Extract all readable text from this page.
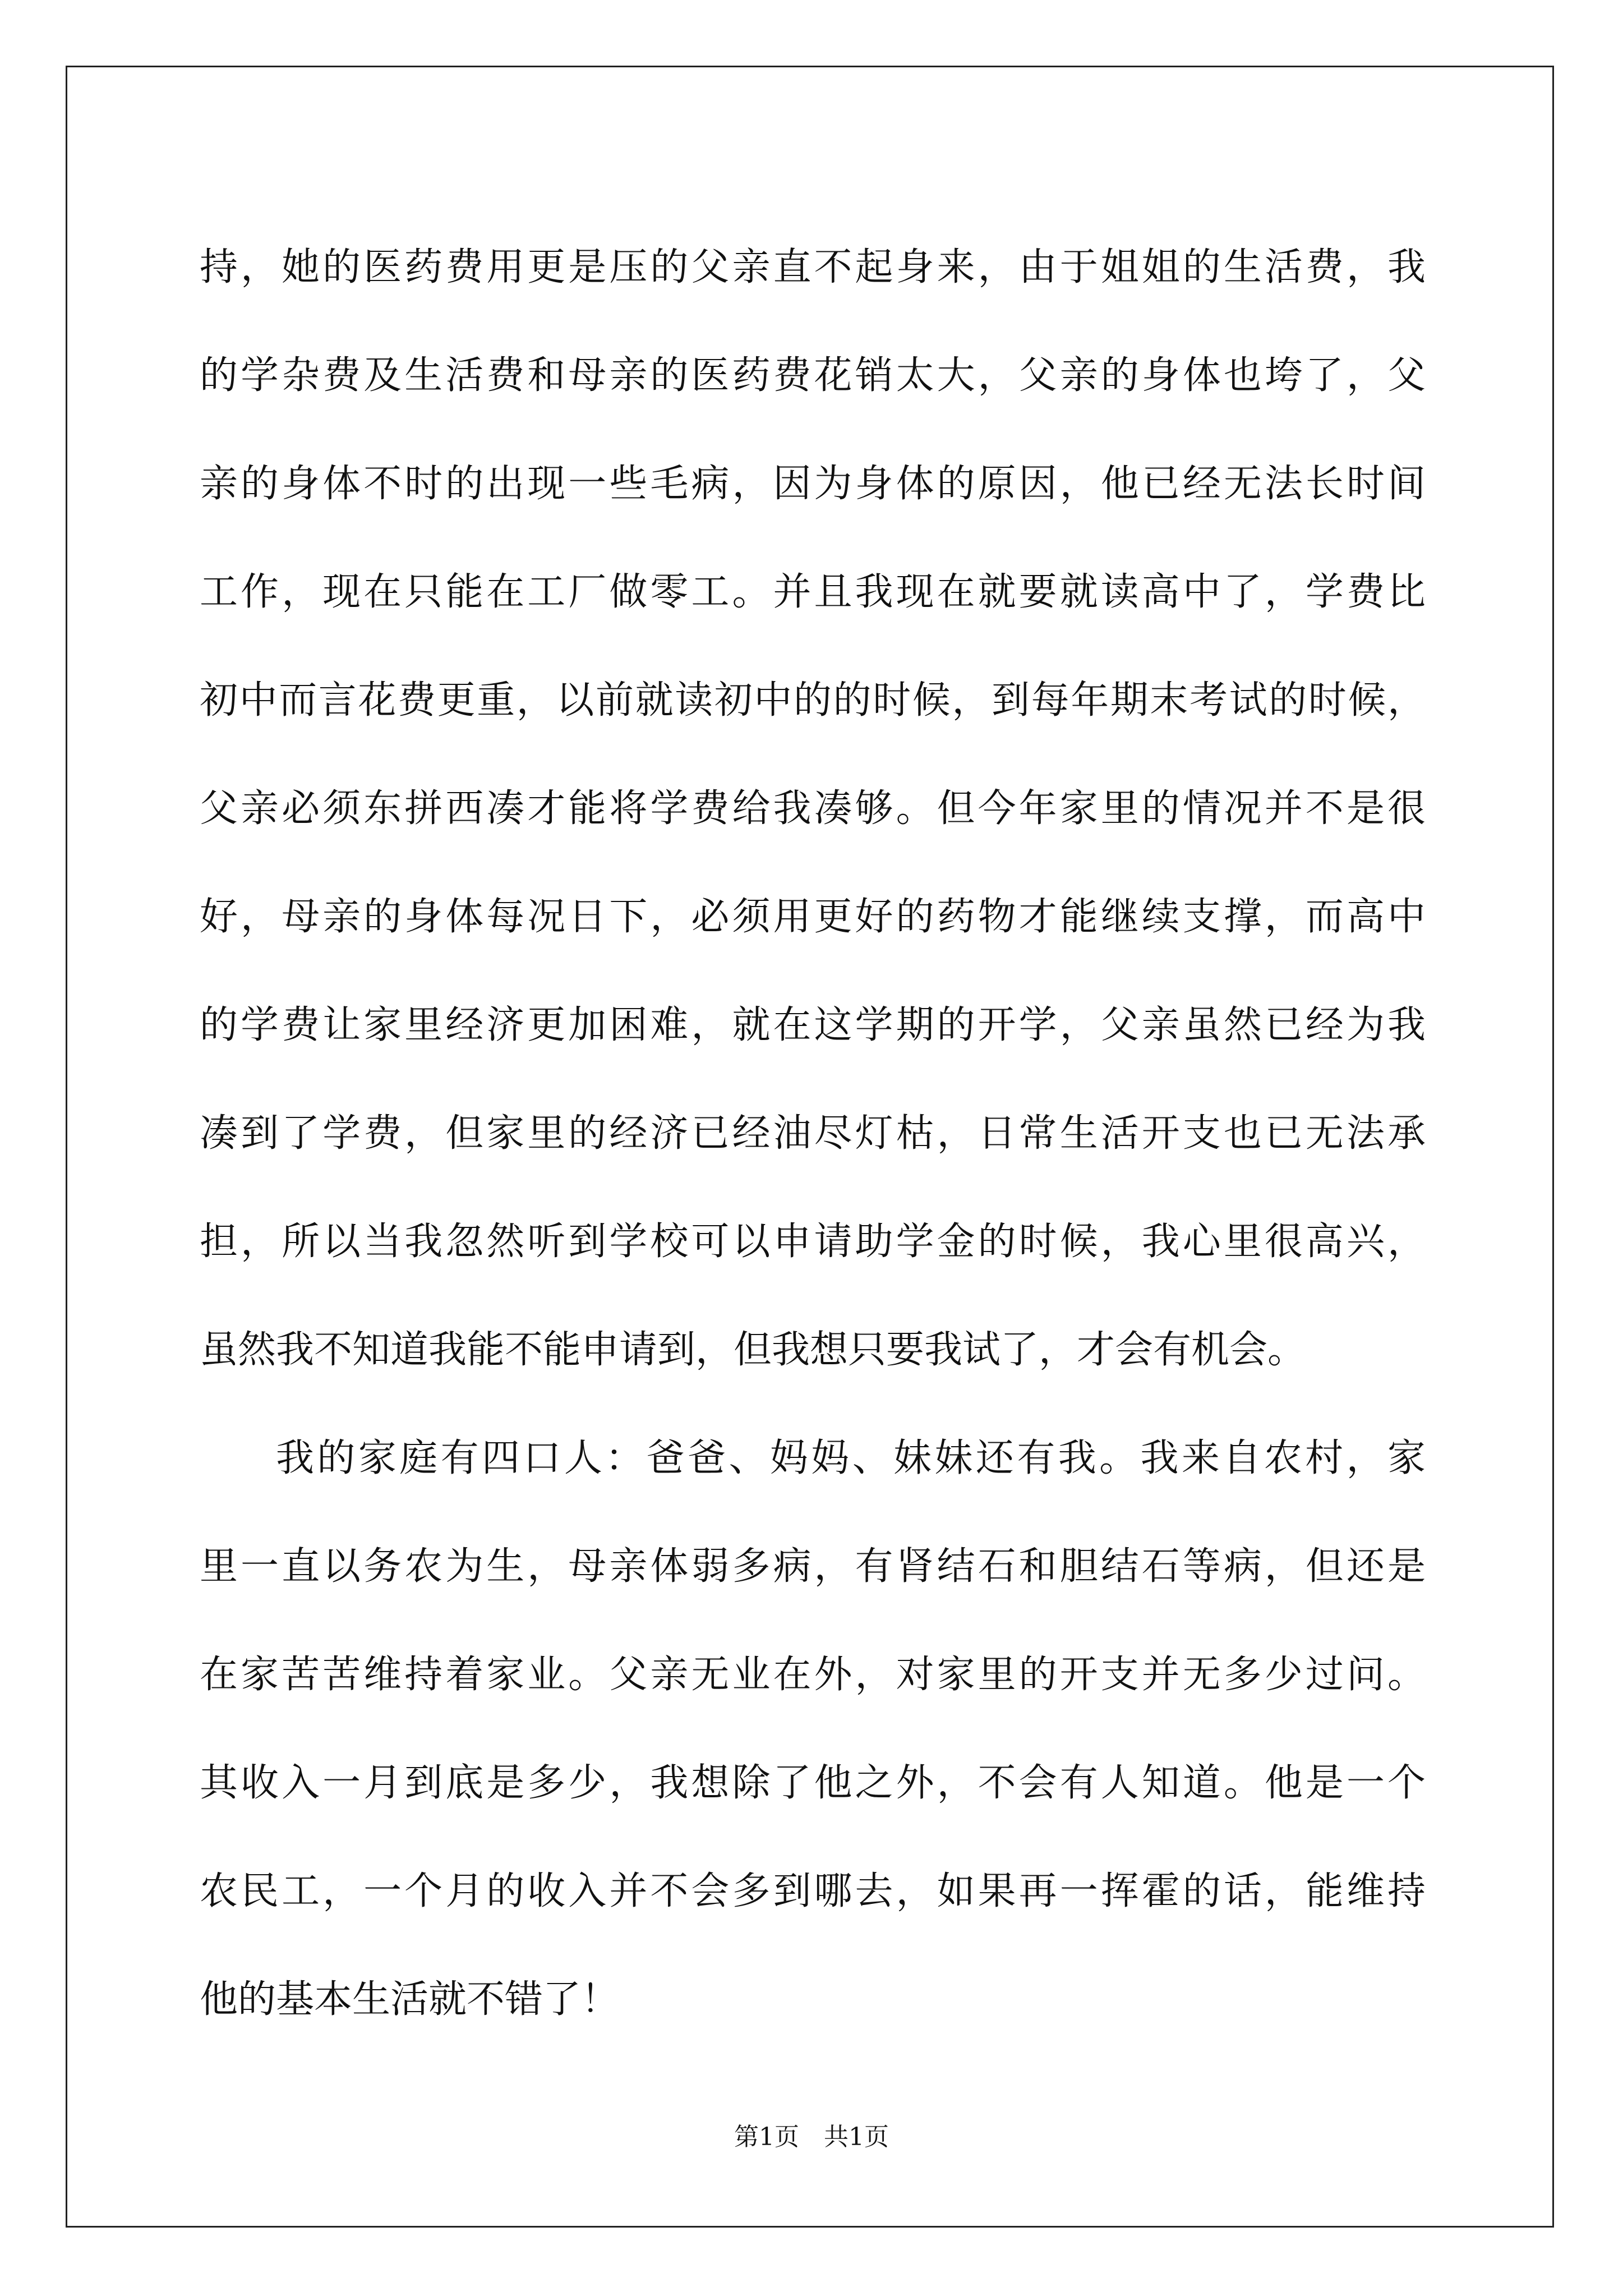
持，她的医药费用更是压的父亲直不起身来，由于姐姐的生活费，我
的学杂费及生活费和母亲的医药费花销太大，父亲的身体也垮了，父
亲的身体不时的出现一些毛病，因为身体的原因，他已经无法长时间
工作，现在只能在工厂做零工。并且我现在就要就读高中了，学费比
初中而言花费更重，以前就读初中的的时候，到每年期末考试的时候，
父亲必须东拼西凑才能将学费给我凑够。但今年家里的情况并不是很
好，母亲的身体每况日下，必须用更好的药物才能继续支撑，而高中
的学费让家里经济更加困难，就在这学期的开学，父亲虽然已经为我
凑到了学费，但家里的经济已经油尽灯枯，日常生活开支也已无法承
担，所以当我忽然听到学校可以申请助学金的时候，我心里很高兴，
虽然我不知道我能不能申请到，但我想只要我试了，才会有机会。
我的家庭有四口人：爸爸、妈妈、妹妹还有我。我来自农村，家
里一直以务农为生，母亲体弱多病，有肾结石和胆结石等病，但还是
在家苦苦维持着家业。父亲无业在外，对家里的开支并无多少过问。
其收入一月到底是多少，我想除了他之外，不会有人知道。他是一个
农民工，一个月的收入并不会多到哪去，如果再一挥霍的话，能维持
他的基本生活就不错了！
第1页 共1页
